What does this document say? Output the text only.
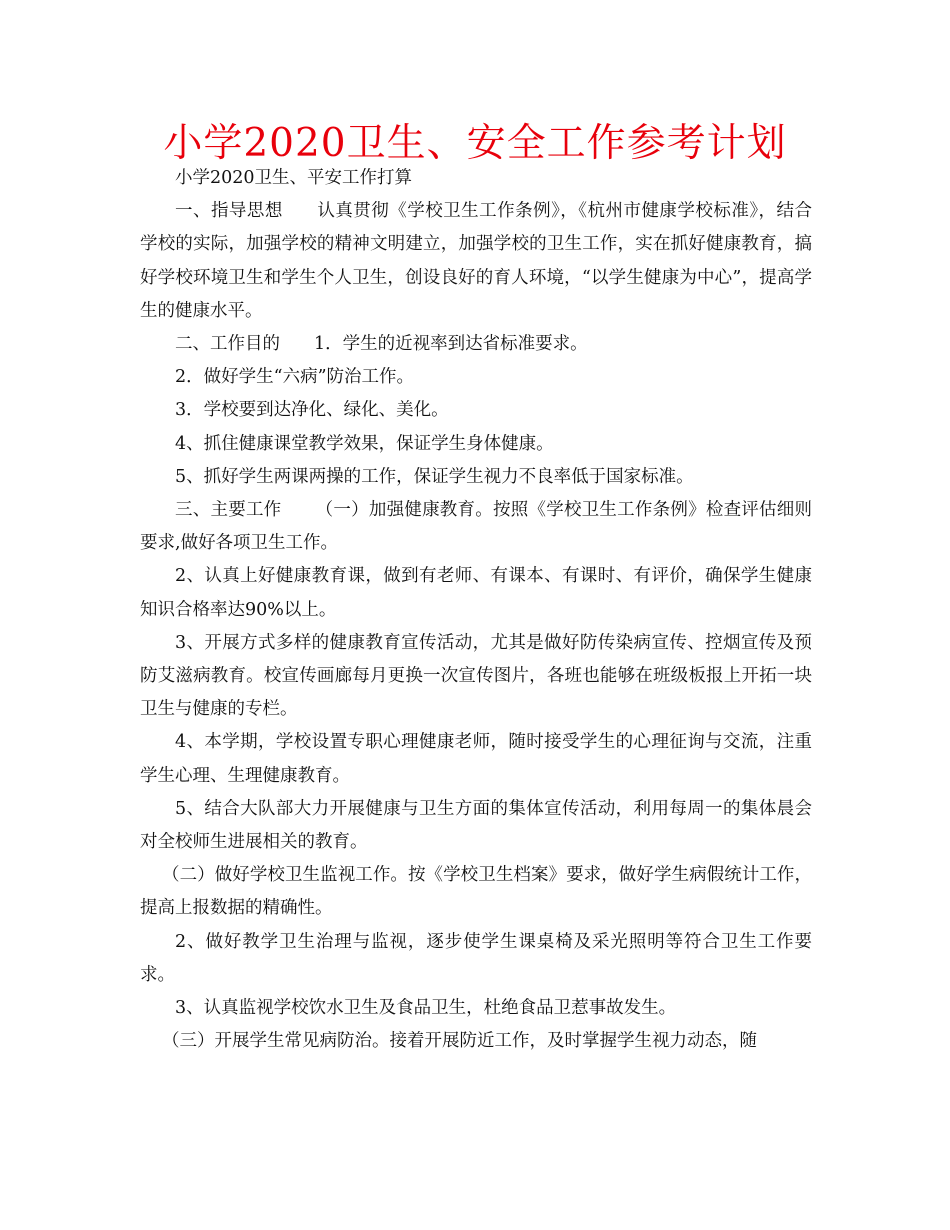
小学2020卫生、安全工作参考计划

小学2020卫生、平安工作打算

一、指导思想 认真贯彻《学校卫生工作条例》，《杭州市健康学校标准》，结合学校的实际，加强学校的精神文明建立，加强学校的卫生工作，实在抓好健康教育，搞好学校环境卫生和学生个人卫生，创设良好的育人环境，“以学生健康为中心”，提高学生的健康水平。

二、工作目的 1．学生的近视率到达省标准要求。

2．做好学生“六病”防治工作。

3．学校要到达净化、绿化、美化。

4、抓住健康课堂教学效果，保证学生身体健康。

5、抓好学生两课两操的工作，保证学生视力不良率低于国家标准。

三、主要工作 （一）加强健康教育。按照《学校卫生工作条例》检查评估细则要求,做好各项卫生工作。

2、认真上好健康教育课，做到有老师、有课本、有课时、有评价，确保学生健康知识合格率达90%以上。

3、开展方式多样的健康教育宣传活动，尤其是做好防传染病宣传、控烟宣传及预防艾滋病教育。校宣传画廊每月更换一次宣传图片，各班也能够在班级板报上开拓一块卫生与健康的专栏。

4、本学期，学校设置专职心理健康老师，随时接受学生的心理征询与交流，注重学生心理、生理健康教育。

5、结合大队部大力开展健康与卫生方面的集体宣传活动，利用每周一的集体晨会对全校师生进展相关的教育。

（二）做好学校卫生监视工作。按《学校卫生档案》要求，做好学生病假统计工作，提高上报数据的精确性。

2、做好教学卫生治理与监视，逐步使学生课桌椅及采光照明等符合卫生工作要求。

3、认真监视学校饮水卫生及食品卫生，杜绝食品卫惹事故发生。

（三）开展学生常见病防治。接着开展防近工作，及时掌握学生视力动态，随
